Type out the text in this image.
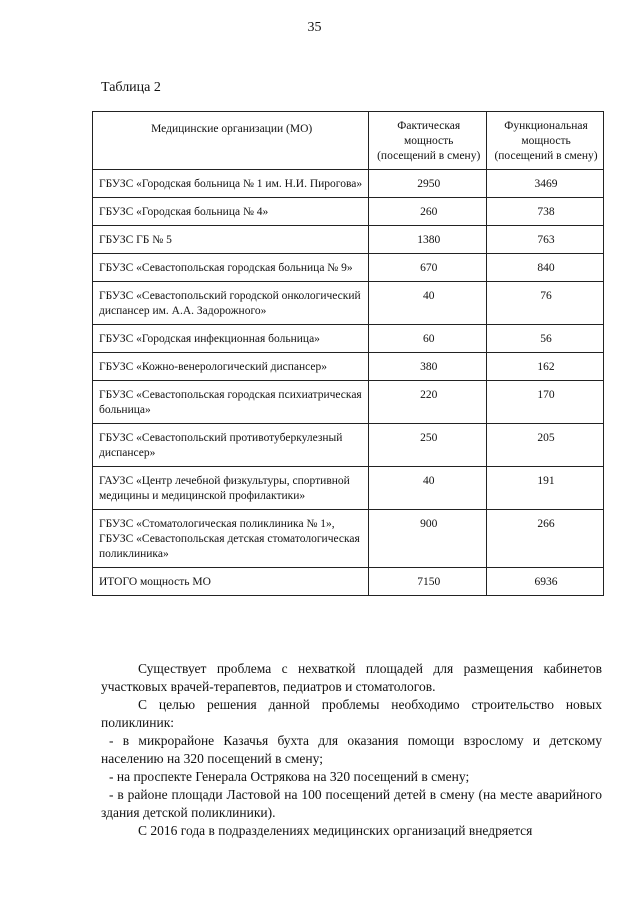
35
Таблица 2
Медицинские организации (МО)	Фактическая мощность (посещений в смену)	Функциональная мощность (посещений в смену)
ГБУЗС «Городская больница № 1 им. Н.И. Пирогова»	2950	3469
ГБУЗС «Городская больница № 4»	260	738
ГБУЗС ГБ № 5	1380	763
ГБУЗС «Севастопольская городская больница № 9»	670	840
ГБУЗС «Севастопольский городской онкологический диспансер им. А.А. Задорожного»	40	76
ГБУЗС «Городская инфекционная больница»	60	56
ГБУЗС «Кожно-венерологический диспансер»	380	162
ГБУЗС «Севастопольская городская психиатрическая больница»	220	170
ГБУЗС «Севастопольский противотуберкулезный диспансер»	250	205
ГАУЗС «Центр лечебной физкультуры, спортивной медицины и медицинской профилактики»	40	191
ГБУЗС «Стоматологическая поликлиника № 1», ГБУЗС «Севастопольская детская стоматологическая поликлиника»	900	266
ИТОГО мощность МО	7150	6936

Существует проблема с нехваткой площадей для размещения кабинетов участковых врачей-терапевтов, педиатров и стоматологов.

С целью решения данной проблемы необходимо строительство новых поликлиник:

- в микрорайоне Казачья бухта для оказания помощи взрослому и детскому населению на 320 посещений в смену;

- на проспекте Генерала Острякова на 320 посещений в смену;

- в районе площади Ластовой на 100 посещений детей в смену (на месте аварийного здания детской поликлиники).

С 2016 года в подразделениях медицинских организаций внедряется
